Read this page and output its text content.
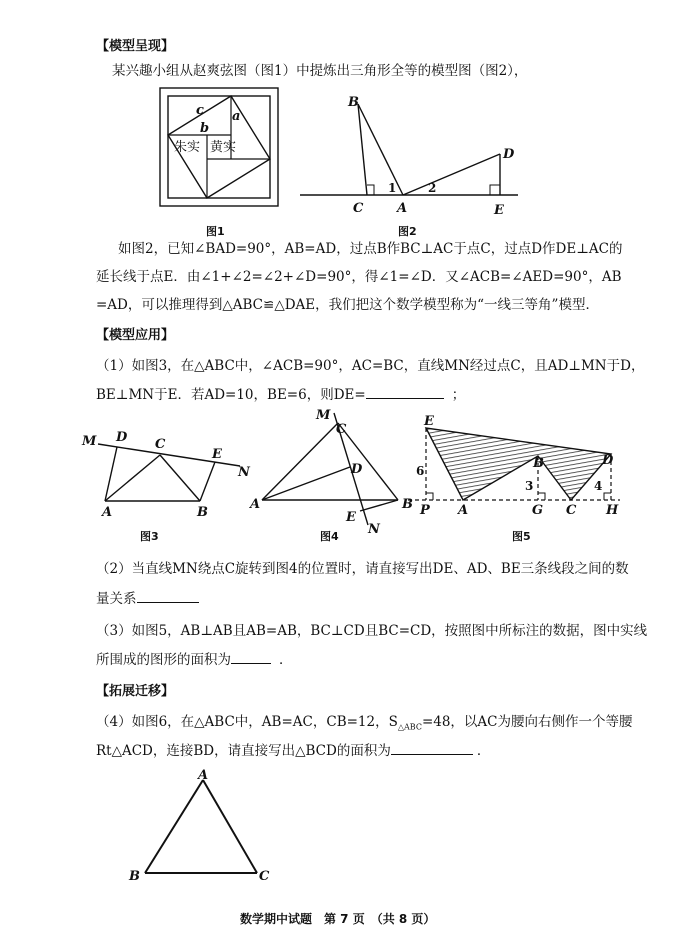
【模型呈现】
某兴趣小组从赵爽弦图（图1）中提炼出三角形全等的模型图（图2），
c
b
a
朱实 黄实
图1
B
C	A
D
E
1	2
图2
如图2，已知∠BAD=90°，AB=AD，过点B作BC⊥AC于点C，过点D作DE⊥AC的
延长线于点E．由∠1+∠2=∠2+∠D=90°，得∠1=∠D．又∠ACB=∠AED=90°，AB
=AD，可以推理得到△ABC≌△DAE，我们把这个数学模型称为“一线三等角”模型．
【模型应用】
（1）如图3，在△ABC中，∠ACB=90°，AC=BC，直线MN经过点C，且AD⊥MN于D，
BE⊥MN于E．若AD=10，BE=6，则DE=	；
M D C
E
N
A	B
图3
M
C
D
A	B
E
N
图4
E
B	D
6
3	4
P A	G C H
图5
（2）当直线MN绕点C旋转到图4的位置时，请直接写出DE、AD、BE三条线段之间的数
量关系
（3）如图5，AB⊥AB且AB=AB，BC⊥CD且BC=CD，按照图中所标注的数据，图中实线
所围成的图形的面积为	．
【拓展迁移】
（4）如图6，在△ABC中，AB=AC，CB=12，$S_{\triangle ABC}=48$，以AC为腰向右侧作一个等腰
Rt△ACD，连接BD，请直接写出△BCD的面积为	．
A
B	C
数学期中试题　第 7 页　（共 8 页）
